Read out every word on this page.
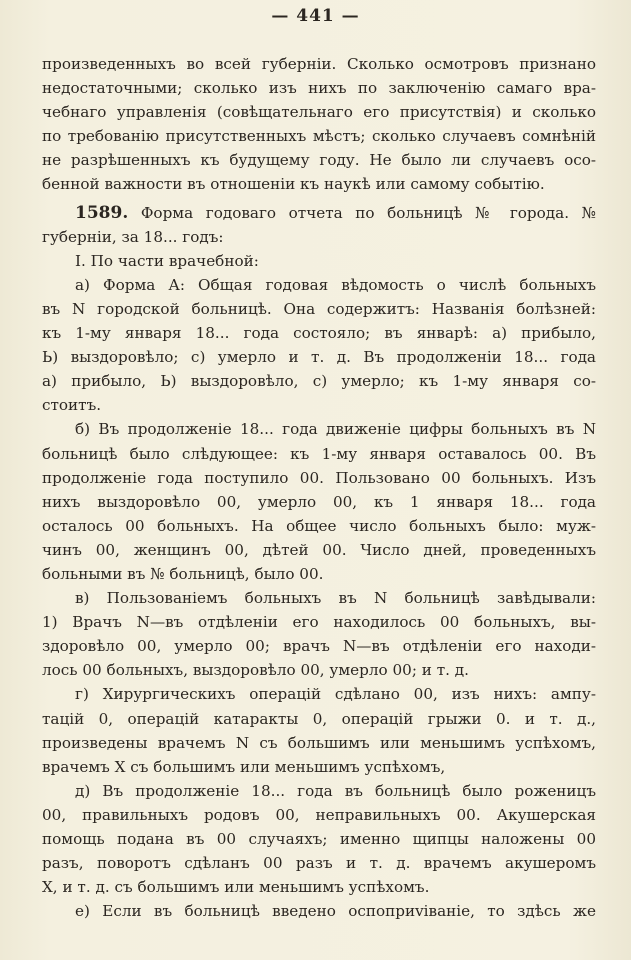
— 441 —
произведенныхъ во всей губерніи. Сколько осмотровъ признано
недостаточными; сколько изъ нихъ по заключенію самаго вра-
чебнаго управленія (совѣщательнаго его присутствія) и сколько
по требованію присутственныхъ мѣстъ; сколько случаевъ сомнѣній
не разрѣшенныхъ къ будущему году. Не было ли случаевъ осо-
бенной важности въ отношеніи къ наукѣ или самому событію.
1589. Форма годоваго отчета по больницѣ № города. №
губерніи, за 18... годъ:
I. По части врачебной:
а) Форма А: Общая годовая вѣдомость о числѣ больныхъ
въ N городской больницѣ. Она содержитъ: Названія болѣзней:
къ 1-му января 18... года состояло; въ январѣ: а) прибыло,
Ь) выздоровѣло; с) умерло и т. д. Въ продолженіи 18... года
а) прибыло, Ь) выздоровѣло, с) умерло; къ 1-му января со-
стоитъ.
б) Въ продолженіе 18... года движеніе цифры больныхъ въ N
больницѣ было слѣдующее: къ 1-му января оставалось 00. Въ
продолженіе года поступило 00. Пользовано 00 больныхъ. Изъ
нихъ выздоровѣло 00, умерло 00, къ 1 января 18... года
осталось 00 больныхъ. На общее число больныхъ было: муж-
чинъ 00, женщинъ 00, дѣтей 00. Число дней, проведенныхъ
больными въ № больницѣ, было 00.
в) Пользованіемъ больныхъ въ N больницѣ завѣдывали:
1) Врачъ N—въ отдѣленіи его находилось 00 больныхъ, вы-
здоровѣло 00, умерло 00; врачъ N—въ отдѣленіи его находи-
лось 00 больныхъ, выздоровѣло 00, умерло 00; и т. д.
г) Хирургическихъ операцій сдѣлано 00, изъ нихъ: ампу-
тацій 0, операцій катаракты 0, операцій грыжи 0. и т. д.,
произведены врачемъ N съ большимъ или меньшимъ успѣхомъ,
врачемъ X съ большимъ или меньшимъ успѣхомъ,
д) Въ продолженіе 18... года въ больницѣ было роженицъ
00, правильныхъ родовъ 00, неправильныхъ 00. Акушерская
помощь подана въ 00 случаяхъ; именно щипцы наложены 00
разъ, поворотъ сдѣланъ 00 разъ и т. д. врачемъ акушеромъ
X, и т. д. съ большимъ или меньшимъ успѣхомъ.
е) Если въ больницѣ введено оспоприviваніе, то здѣсь же
